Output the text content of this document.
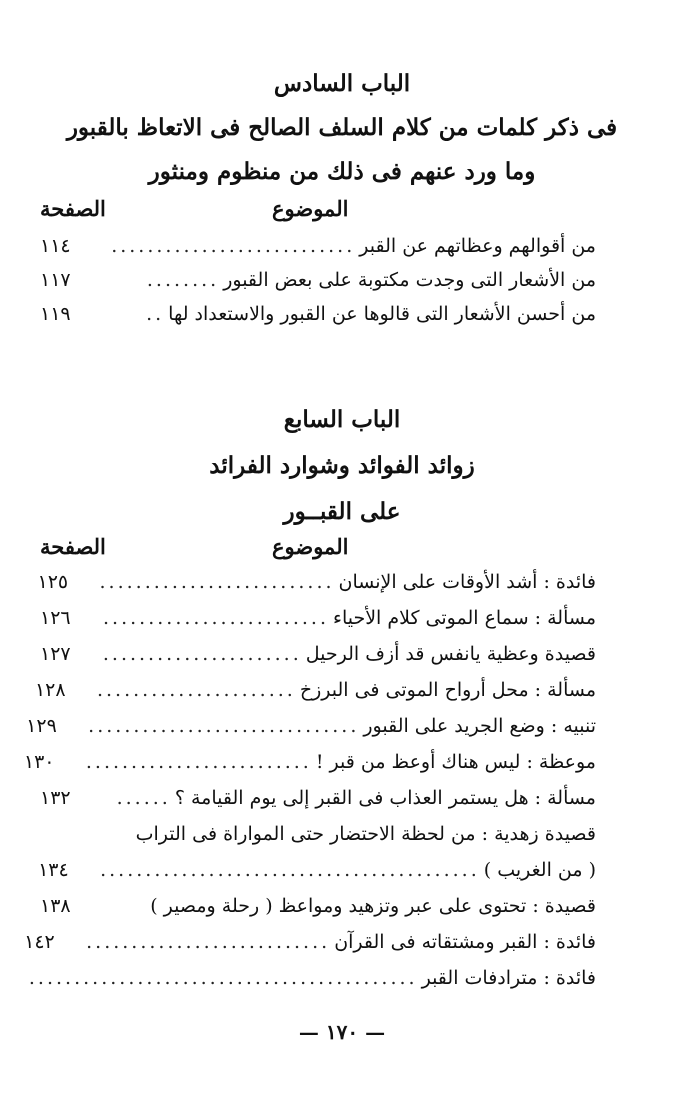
الباب السادس
فى ذكر كلمات من كلام السلف الصالح فى الاتعاظ بالقبور
وما ورد عنهم فى ذلك من منظوم ومنثور
الموضوع
الصفحة
من أقوالهم وعظاتهم عن القبر
...........................
١١٤
من الأشعار التى وجدت مكتوبة على بعض القبور
........
١١٧
من أحسن الأشعار التى قالوها عن القبور والاستعداد لها
..
١١٩
الباب السابع
زوائد الفوائد وشوارد الفرائد
على القبــور
الموضوع
الصفحة
فائدة : أشد الأوقات على الإنسان
..........................
١٢٥
مسألة : سماع الموتى كلام الأحياء
.........................
١٢٦
قصيدة وعظية يانفس قد أزف الرحيل
......................
١٢٧
مسألة : محل أرواح الموتى فى البرزخ
......................
١٢٨
تنبيه : وضع الجريد على القبور
..............................
١٢٩
موعظة : ليس هناك أوعظ من قبر !
.........................
١٣٠
مسألة : هل يستمر العذاب فى القبر إلى يوم القيامة ؟
......
١٣٢
قصيدة زهدية : من لحظة الاحتضار حتى المواراة فى التراب
( من الغريب )
..........................................
١٣٤
قصيدة : تحتوى على عبر وتزهيد ومواعظ ( رحلة ومصير )
١٣٨
فائدة : القبر ومشتقاته فى القرآن
...........................
١٤٢
فائدة : مترادفات القبر
...........................................
— ١٧٠ —
